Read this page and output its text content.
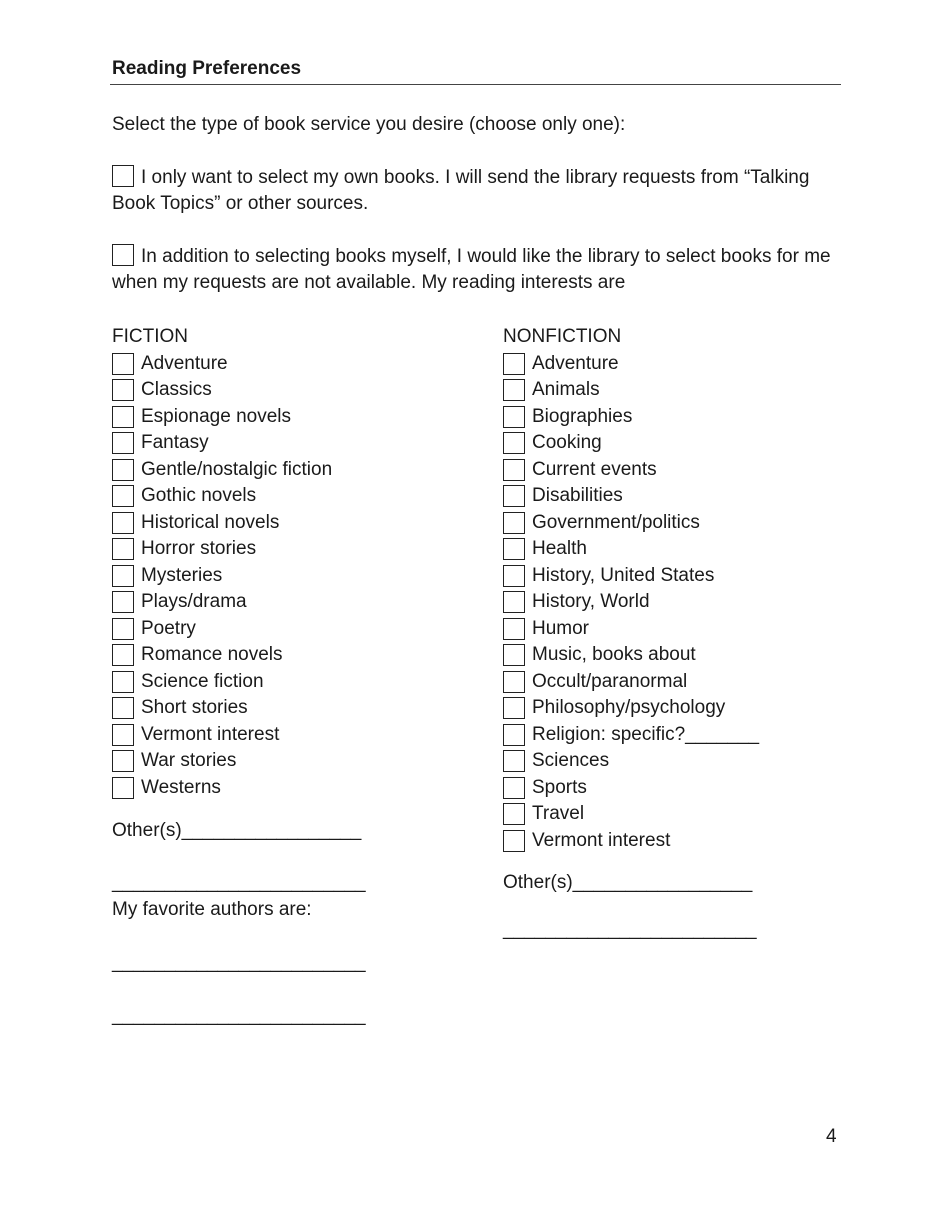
Reading Preferences
Select the type of book service you desire (choose only one):
I only want to select my own books. I will send the library requests from “Talking Book Topics” or other sources.
In addition to selecting books myself, I would like the library to select books for me when my requests are not available. My reading interests are
FICTION
Adventure
Classics
Espionage novels
Fantasy
Gentle/nostalgic fiction
Gothic novels
Historical novels
Horror stories
Mysteries
Plays/drama
Poetry
Romance novels
Science fiction
Short stories
Vermont interest
War stories
Westerns
Other(s)_________________
________________________
My favorite authors are:
________________________
________________________
NONFICTION
Adventure
Animals
Biographies
Cooking
Current events
Disabilities
Government/politics
Health
History, United States
History, World
Humor
Music, books about
Occult/paranormal
Philosophy/psychology
Religion: specific?_______
Sciences
Sports
Travel
Vermont interest
Other(s)_________________
________________________
4
